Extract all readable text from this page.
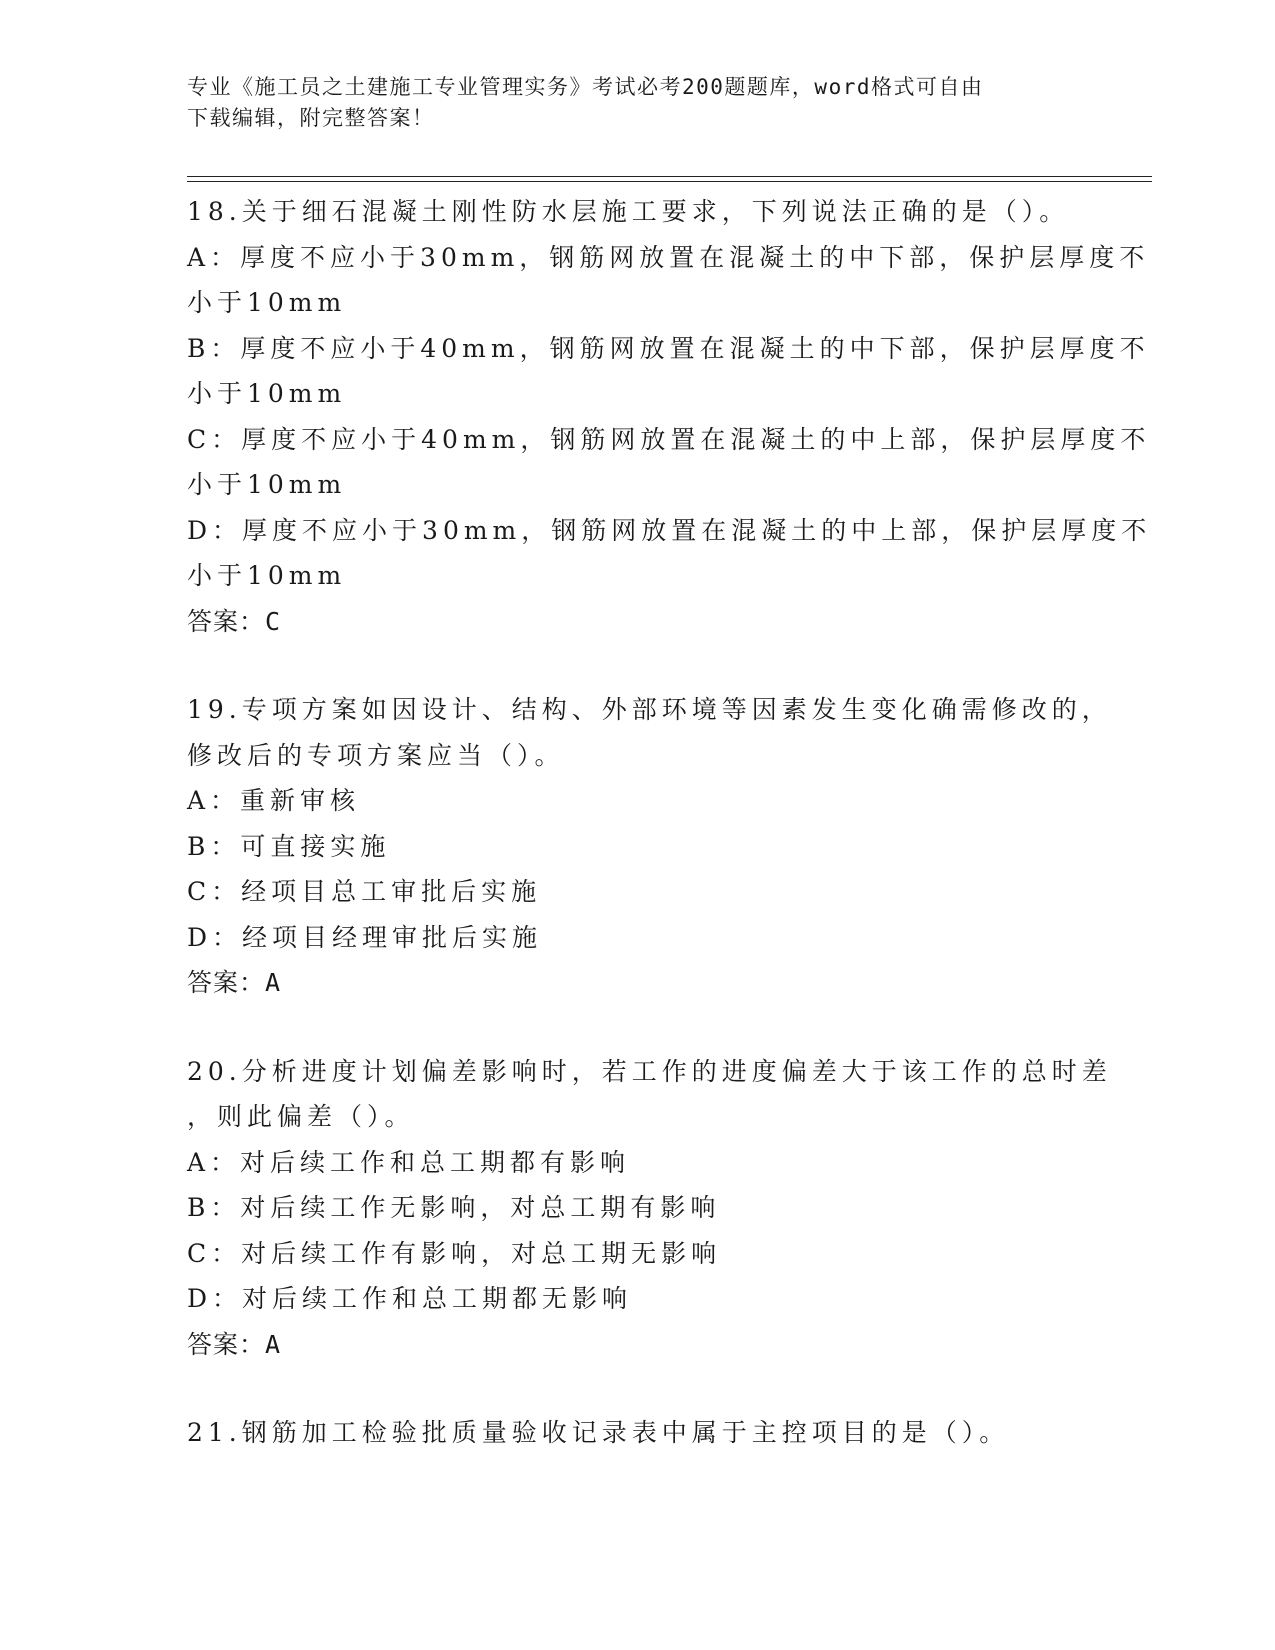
专业《施工员之土建施工专业管理实务》考试必考200题题库，word格式可自由
下载编辑，附完整答案！
18.关于细石混凝土刚性防水层施工要求，下列说法正确的是（）。
A：厚度不应小于30mm，钢筋网放置在混凝土的中下部，保护层厚度不
小于10mm
B：厚度不应小于40mm，钢筋网放置在混凝土的中下部，保护层厚度不
小于10mm
C：厚度不应小于40mm，钢筋网放置在混凝土的中上部，保护层厚度不
小于10mm
D：厚度不应小于30mm，钢筋网放置在混凝土的中上部，保护层厚度不
小于10mm
答案：C
19.专项方案如因设计、结构、外部环境等因素发生变化确需修改的，
修改后的专项方案应当（）。
A：重新审核
B：可直接实施
C：经项目总工审批后实施
D：经项目经理审批后实施
答案：A
20.分析进度计划偏差影响时，若工作的进度偏差大于该工作的总时差
，则此偏差（）。
A：对后续工作和总工期都有影响
B：对后续工作无影响，对总工期有影响
C：对后续工作有影响，对总工期无影响
D：对后续工作和总工期都无影响
答案：A
21.钢筋加工检验批质量验收记录表中属于主控项目的是（）。
